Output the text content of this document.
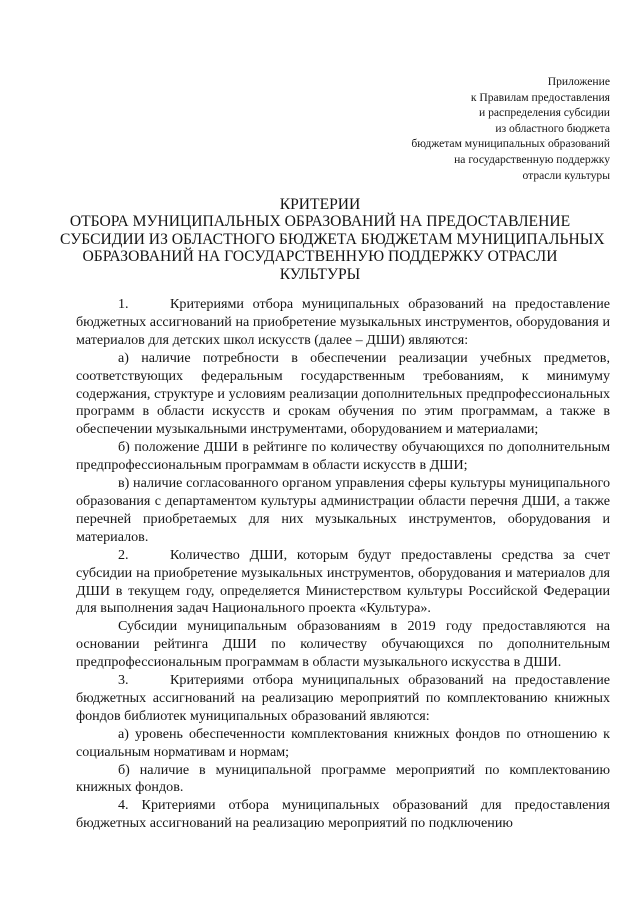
Приложение
к Правилам предоставления
и распределения субсидии
из областного бюджета
бюджетам муниципальных образований
на государственную поддержку
отрасли культуры
КРИТЕРИИ
ОТБОРА МУНИЦИПАЛЬНЫХ ОБРАЗОВАНИЙ НА ПРЕДОСТАВЛЕНИЕ
СУБСИДИИ ИЗ ОБЛАСТНОГО БЮДЖЕТА БЮДЖЕТАМ МУНИЦИПАЛЬНЫХ
ОБРАЗОВАНИЙ НА ГОСУДАРСТВЕННУЮ ПОДДЕРЖКУ ОТРАСЛИ
КУЛЬТУРЫ

1.	Критериями отбора муниципальных образований на предоставление бюджетных ассигнований на приобретение музыкальных инструментов, оборудования и материалов для детских школ искусств (далее – ДШИ) являются:

а) наличие потребности в обеспечении реализации учебных предметов, соответствующих федеральным государственным требованиям, к минимуму содержания, структуре и условиям реализации дополнительных предпрофессиональных программ в области искусств и срокам обучения по этим программам, а также в обеспечении музыкальными инструментами, оборудованием и материалами;

б) положение ДШИ в рейтинге по количеству обучающихся по дополнительным предпрофессиональным программам в области искусств в ДШИ;

в) наличие согласованного органом управления сферы культуры муниципального образования с департаментом культуры администрации области перечня ДШИ, а также перечней приобретаемых для них музыкальных инструментов, оборудования и материалов.

2.	Количество ДШИ, которым будут предоставлены средства за счет субсидии на приобретение музыкальных инструментов, оборудования и материалов для ДШИ в текущем году, определяется Министерством культуры Российской Федерации для выполнения задач Национального проекта «Культура».

Субсидии муниципальным образованиям в 2019 году предоставляются на основании рейтинга ДШИ по количеству обучающихся по дополнительным предпрофессиональным программам в области музыкального искусства в ДШИ.

3.	Критериями отбора муниципальных образований на предоставление бюджетных ассигнований на реализацию мероприятий по комплектованию книжных фондов библиотек муниципальных образований являются:

а) уровень обеспеченности комплектования книжных фондов по отношению к социальным нормативам и нормам;

б) наличие в муниципальной программе мероприятий по комплектованию книжных фондов.

4. Критериями отбора муниципальных образований для предоставления бюджетных ассигнований на реализацию мероприятий по подключению
